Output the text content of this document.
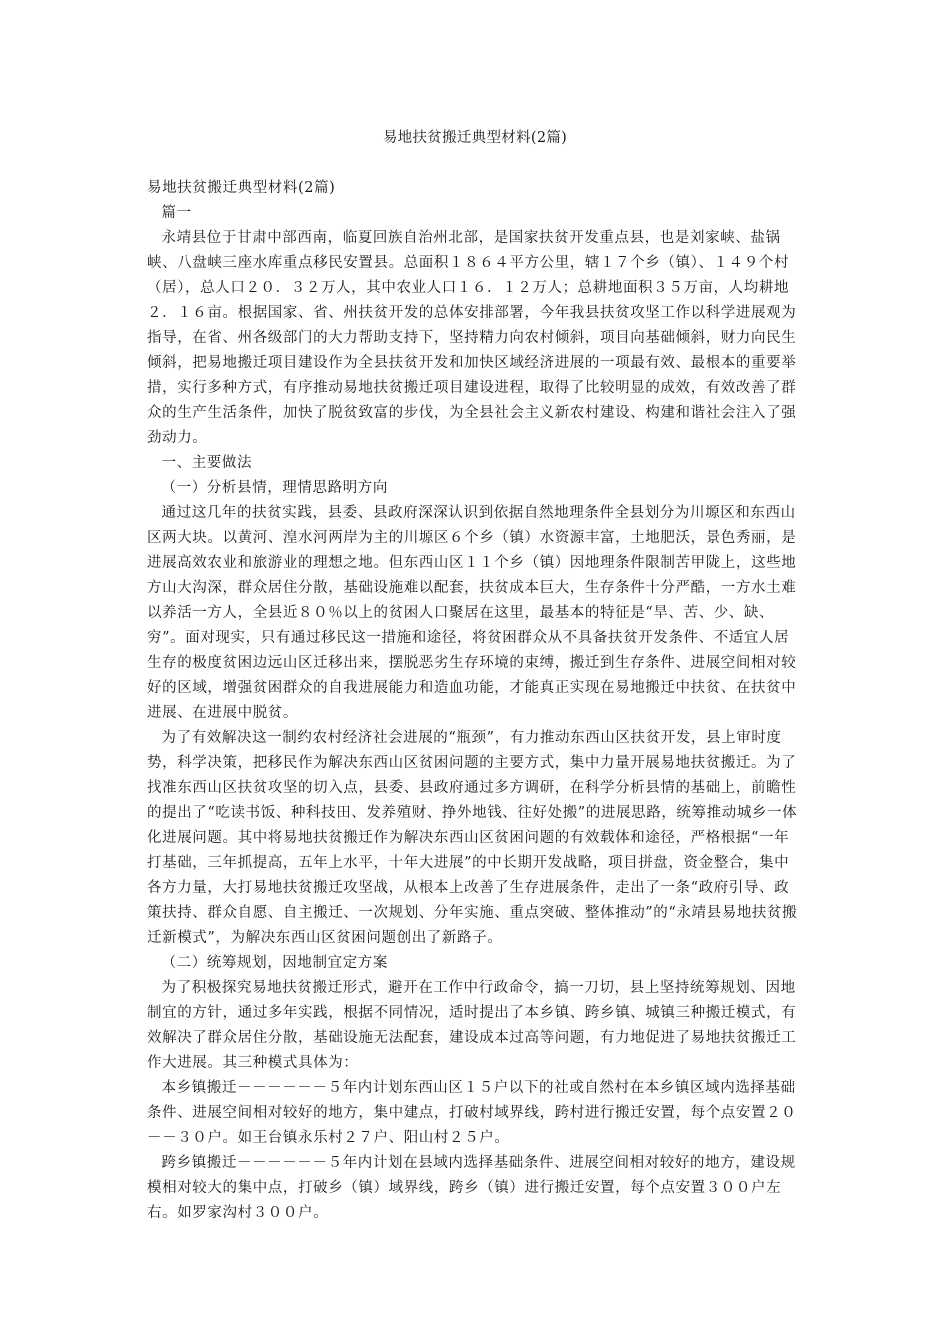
易地扶贫搬迁典型材料(2篇)

易地扶贫搬迁典型材料(2篇)

篇一

永靖县位于甘肃中部西南，临夏回族自治州北部，是国家扶贫开发重点县，也是刘家峡、盐锅峡、八盘峡三座水库重点移民安置县。总面积１８６４平方公里，辖１７个乡（镇）、１４９个村（居），总人口２０．３２万人，其中农业人口１６．１２万人；总耕地面积３５万亩，人均耕地２．１６亩。根据国家、省、州扶贫开发的总体安排部署，今年我县扶贫攻坚工作以科学进展观为指导，在省、州各级部门的大力帮助支持下，坚持精力向农村倾斜，项目向基础倾斜，财力向民生倾斜，把易地搬迁项目建设作为全县扶贫开发和加快区域经济进展的一项最有效、最根本的重要举措，实行多种方式，有序推动易地扶贫搬迁项目建设进程，取得了比较明显的成效，有效改善了群众的生产生活条件，加快了脱贫致富的步伐，为全县社会主义新农村建设、构建和谐社会注入了强劲动力。

一、主要做法

（一）分析县情，理情思路明方向

通过这几年的扶贫实践，县委、县政府深深认识到依据自然地理条件全县划分为川塬区和东西山区两大块。以黄河、湟水河两岸为主的川塬区６个乡（镇）水资源丰富，土地肥沃，景色秀丽，是进展高效农业和旅游业的理想之地。但东西山区１１个乡（镇）因地理条件限制苦甲陇上，这些地方山大沟深，群众居住分散，基础设施难以配套，扶贫成本巨大，生存条件十分严酷，一方水土难以养活一方人，全县近８０％以上的贫困人口聚居在这里，最基本的特征是“旱、苦、少、缺、穷”。面对现实，只有通过移民这一措施和途径，将贫困群众从不具备扶贫开发条件、不适宜人居生存的极度贫困边远山区迁移出来，摆脱恶劣生存环境的束缚，搬迁到生存条件、进展空间相对较好的区域，增强贫困群众的自我进展能力和造血功能，才能真正实现在易地搬迁中扶贫、在扶贫中进展、在进展中脱贫。

为了有效解决这一制约农村经济社会进展的“瓶颈”，有力推动东西山区扶贫开发，县上审时度势，科学决策，把移民作为解决东西山区贫困问题的主要方式，集中力量开展易地扶贫搬迁。为了找准东西山区扶贫攻坚的切入点，县委、县政府通过多方调研，在科学分析县情的基础上，前瞻性的提出了“吃读书饭、种科技田、发养殖财、挣外地钱、往好处搬”的进展思路，统筹推动城乡一体化进展问题。其中将易地扶贫搬迁作为解决东西山区贫困问题的有效载体和途径，严格根据“一年打基础，三年抓提高，五年上水平，十年大进展”的中长期开发战略，项目拼盘，资金整合，集中各方力量，大打易地扶贫搬迁攻坚战，从根本上改善了生存进展条件，走出了一条“政府引导、政策扶持、群众自愿、自主搬迁、一次规划、分年实施、重点突破、整体推动”的“永靖县易地扶贫搬迁新模式”，为解决东西山区贫困问题创出了新路子。

（二）统筹规划，因地制宜定方案

为了积极探究易地扶贫搬迁形式，避开在工作中行政命令，搞一刀切，县上坚持统筹规划、因地制宜的方针，通过多年实践，根据不同情况，适时提出了本乡镇、跨乡镇、城镇三种搬迁模式，有效解决了群众居住分散，基础设施无法配套，建设成本过高等问题，有力地促进了易地扶贫搬迁工作大进展。其三种模式具体为：

本乡镇搬迁－－－－－－５年内计划东西山区１５户以下的社或自然村在本乡镇区域内选择基础条件、进展空间相对较好的地方，集中建点，打破村域界线，跨村进行搬迁安置，每个点安置２０－－３０户。如王台镇永乐村２７户、阳山村２５户。

跨乡镇搬迁－－－－－－５年内计划在县域内选择基础条件、进展空间相对较好的地方，建设规模相对较大的集中点，打破乡（镇）域界线，跨乡（镇）进行搬迁安置，每个点安置３００户左右。如罗家沟村３００户。
